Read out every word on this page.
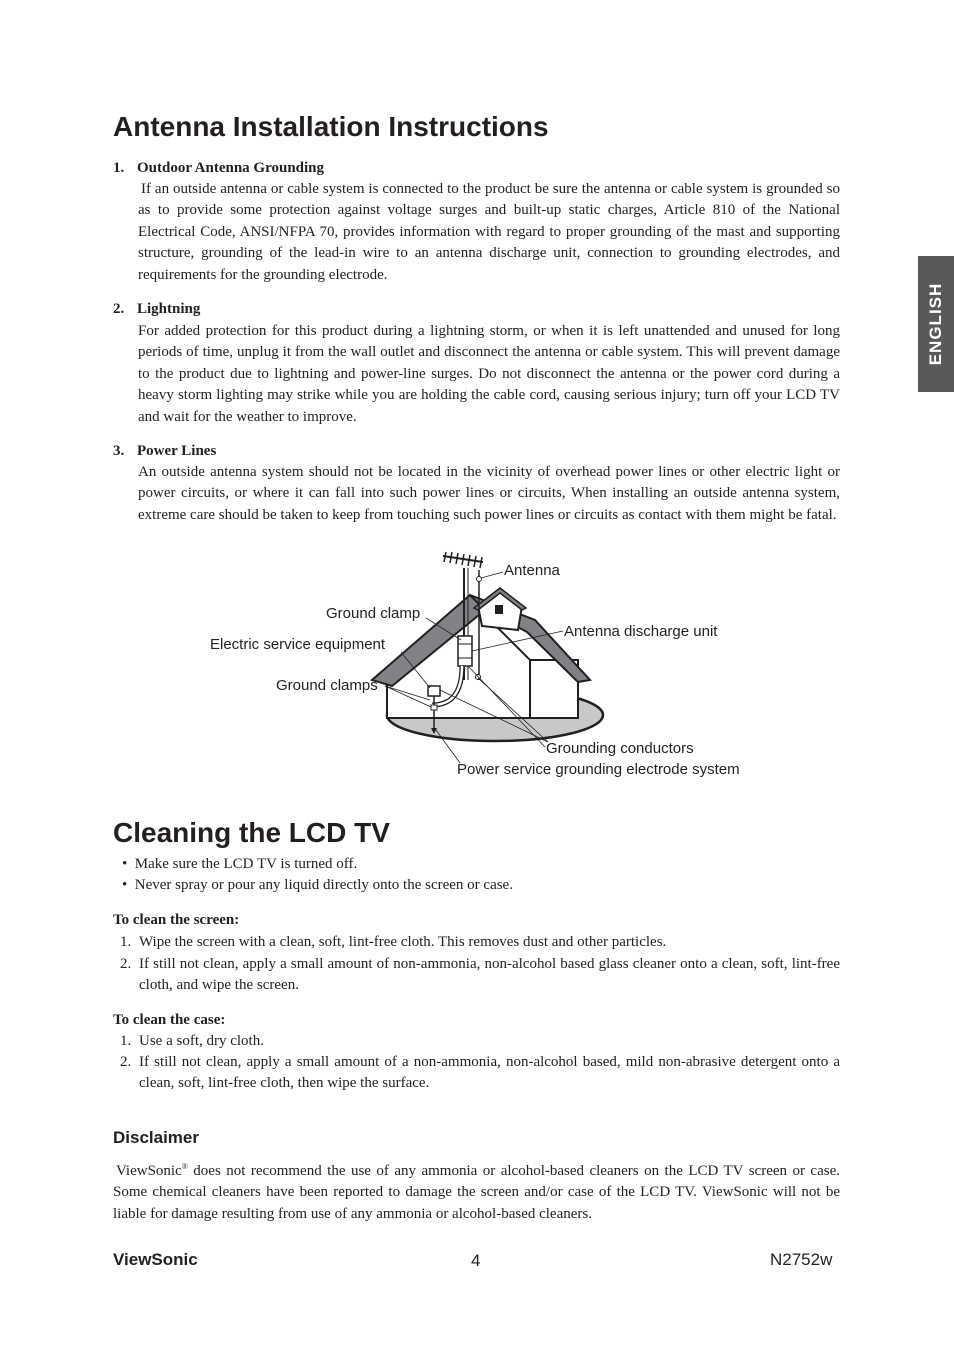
ENGLISH
Antenna Installation Instructions
1. Outdoor Antenna Grounding
If an outside antenna or cable system is connected to the product be sure the antenna or cable system is grounded so as to provide some protection against voltage surges and built-up static charges, Article 810 of the National Electrical Code, ANSI/NFPA 70, provides information with regard to proper grounding of the mast and supporting structure, grounding of the lead-in wire to an antenna discharge unit, connection to grounding electrodes, and requirements for the grounding electrode.
2. Lightning
For added protection for this product during a lightning storm, or when it is left unattended and unused for long periods of time, unplug it from the wall outlet and disconnect the antenna or cable system. This will prevent damage to the product due to lightning and power-line surges. Do not disconnect the antenna or the power cord during a heavy storm lighting may strike while you are holding the cable cord, causing serious injury; turn off your LCD TV and wait for the weather to improve.
3. Power Lines
An outside antenna system should not be located in the vicinity of overhead power lines or other electric light or power circuits, or where it can fall into such power lines or circuits, When installing an outside antenna system, extreme care should be taken to keep from touching such power lines or circuits as contact with them might be fatal.
Antenna
Ground clamp
Antenna discharge unit
Electric service equipment
Ground clamps
Grounding conductors
Power service grounding electrode system
Cleaning the LCD TV
• Make sure the LCD TV is turned off.
• Never spray or pour any liquid directly onto the screen or case.
To clean the screen:
1. Wipe the screen with a clean, soft, lint-free cloth. This removes dust and other particles.
2. If still not clean, apply a small amount of non-ammonia, non-alcohol based glass cleaner onto a clean, soft, lint-free cloth, and wipe the screen.
To clean the case:
1. Use a soft, dry cloth.
2. If still not clean, apply a small amount of a non-ammonia, non-alcohol based, mild non-abrasive detergent onto a clean, soft, lint-free cloth, then wipe the surface.
Disclaimer
ViewSonic® does not recommend the use of any ammonia or alcohol-based cleaners on the LCD TV screen or case. Some chemical cleaners have been reported to damage the screen and/or case of the LCD TV. ViewSonic will not be liable for damage resulting from use of any ammonia or alcohol-based cleaners.
ViewSonic	4	N2752w
